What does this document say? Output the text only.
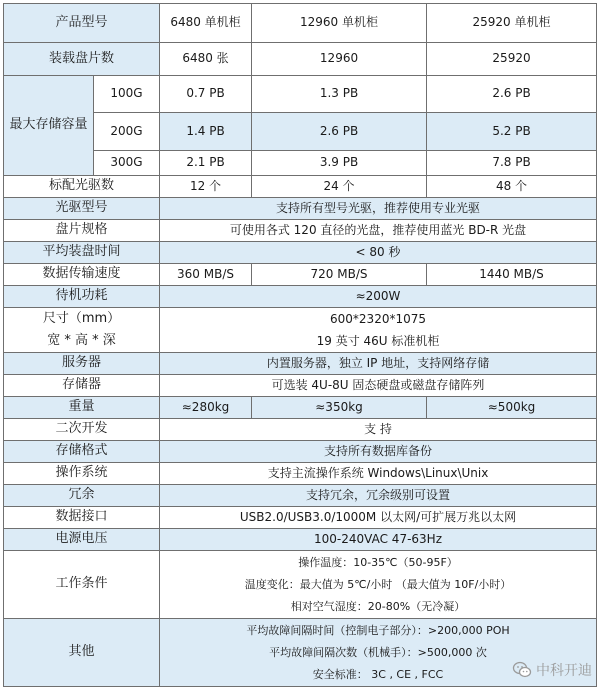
产品型号		6480 单机柜	12960 单机柜	25920 单机柜
装载盘片数		6480 张	12960	25920
最大存储容量	100G	0.7 PB	1.3 PB	2.6 PB
	200G	1.4 PB	2.6 PB	5.2 PB
	300G	2.1 PB	3.9 PB	7.8 PB
标配光驱数		12 个	24 个	48 个
光驱型号		支持所有型号光驱，推荐使用专业光驱		
盘片规格		可使用各式 120 直径的光盘，推荐使用蓝光 BD-R 光盘		
平均装盘时间		< 80 秒		
数据传输速度		360 MB/S	720 MB/S	1440 MB/S
待机功耗		≈200W		

尺寸（mm）
宽 * 高 * 深		600*2320*1075
19 英寸 46U 标准机柜		

服务器		内置服务器，独立 IP 地址，支持网络存储		
存储器		可选装 4U-8U 固态硬盘或磁盘存储阵列		
重量		≈280kg	≈350kg	≈500kg
二次开发		支 持		
存储格式		支持所有数据库备份		
操作系统		支持主流操作系统 Windows\Linux\Unix		
冗余		支持冗余，冗余级别可设置		
数据接口		USB2.0/USB3.0/1000M 以太网/可扩展万兆以太网		
电源电压		100-240VAC 47-63Hz		
工作条件		操作温度：10-35℃（50-95F）
温度变化：最大值为 5℃/小时 （最大值为 10F/小时）
相对空气湿度：20-80%（无冷凝）		

其他		平均故障间隔时间（控制电子部分）：>200,000 POH
平均故障间隔次数（机械手）：>500,000 次
安全标准： 3C , CE , FCC			中科开迪
